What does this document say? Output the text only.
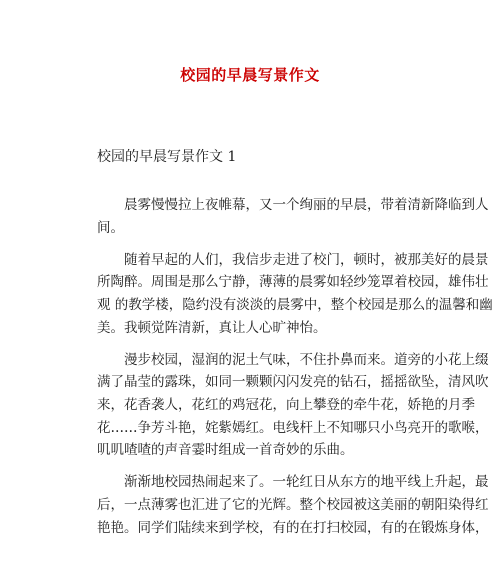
校园的早晨写景作文
校园的早晨写景作文 1

晨雾慢慢拉上夜帷幕，又一个绚丽的早晨，带着清新降临到人
间。

随着早起的人们，我信步走进了校门，顿时，被那美好的晨景
所陶醉。周围是那么宁静，薄薄的晨雾如轻纱笼罩着校园，雄伟壮
观 的教学楼，隐约没有淡淡的晨雾中，整个校园是那么的温馨和幽
美。我顿觉阵清新，真让人心旷神怡。

漫步校园，湿润的泥土气味，不住扑鼻而来。道旁的小花上缀
满了晶莹的露珠，如同一颗颗闪闪发亮的钻石，摇摇欲坠，清风吹
来，花香袭人，花红的鸡冠花，向上攀登的牵牛花，娇艳的月季
花……争芳斗艳，姹紫嫣红。电线杆上不知哪只小鸟亮开的歌喉，
叽叽喳喳的声音霎时组成一首奇妙的乐曲。

渐渐地校园热闹起来了。一轮红日从东方的地平线上升起，最
后，一点薄雾也汇进了它的光辉。整个校园被这美丽的朝阳染得红
艳艳。同学们陆续来到学校，有的在打扫校园，有的在锻炼身体，
